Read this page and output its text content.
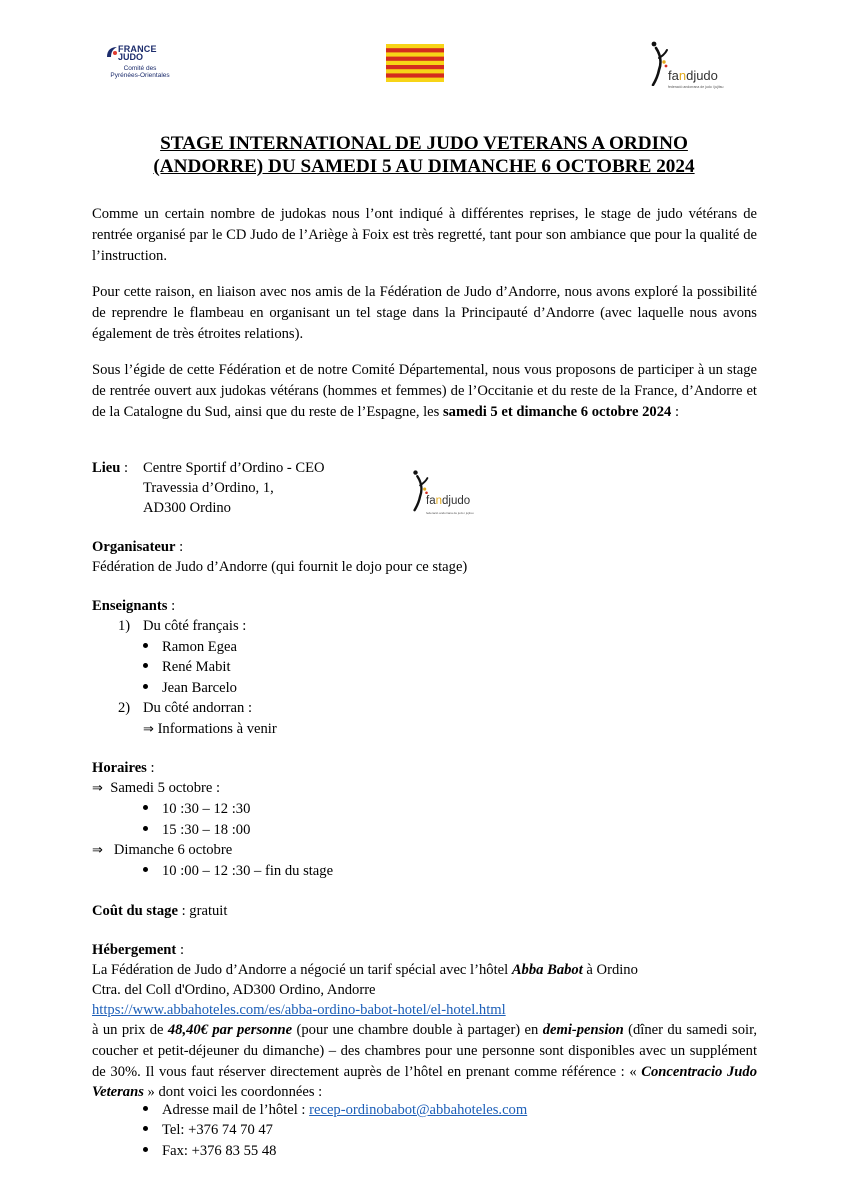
FRANCE
JUDO
Comité des
Pyrénées-Orientales	fandjudo
federació andorrana de judo i jujitsu
STAGE INTERNATIONAL DE JUDO VETERANS A ORDINO
(ANDORRE) DU SAMEDI 5 AU DIMANCHE 6 OCTOBRE 2024

Comme un certain nombre de judokas nous l’ont indiqué à différentes reprises, le stage de judo vétérans de rentrée organisé par le CD Judo de l’Ariège à Foix est très regretté, tant pour son ambiance que pour la qualité de l’instruction.

Pour cette raison, en liaison avec nos amis de la Fédération de Judo d’Andorre, nous avons exploré la possibilité de reprendre le flambeau en organisant un tel stage dans la Principauté d’Andorre (avec laquelle nous avons également de très étroites relations).

Sous l’égide de cette Fédération et de notre Comité Départemental, nous vous proposons de participer à un stage de rentrée ouvert aux judokas vétérans (hommes et femmes) de l’Occitanie et du reste de la France, d’Andorre et de la Catalogne du Sud, ainsi que du reste de l’Espagne, les samedi 5 et dimanche 6 octobre 2024 :

Lieu : Centre Sportif d’Ordino - CEO
Travessia d’Ordino, 1,
AD300 Ordino	fandjudo
federació andorrana de judo i jujitsu
Organisateur :
Fédération de Judo d’Andorre (qui fournit le dojo pour ce stage)
Enseignants :
1) Du côté français :
Ramon Egea
René Mabit
Jean Barcelo
2) Du côté andorran :
⇒ Informations à venir
Horaires :
⇒ Samedi 5 octobre :
10 :30 – 12 :30
15 :30 – 18 :00
⇒ Dimanche 6 octobre
10 :00 – 12 :30 – fin du stage
Coût du stage : gratuit
Hébergement :
La Fédération de Judo d’Andorre a négocié un tarif spécial avec l’hôtel Abba Babot à Ordino
Ctra. del Coll d'Ordino, AD300 Ordino, Andorre
https://www.abbahoteles.com/es/abba-ordino-babot-hotel/el-hotel.html

à un prix de 48,40€ par personne (pour une chambre double à partager) en demi-pension (dîner du samedi soir, coucher et petit-déjeuner du dimanche) – des chambres pour une personne sont disponibles avec un supplément de 30%. Il vous faut réserver directement auprès de l’hôtel en prenant comme référence : « Concentracio Judo Veterans » dont voici les coordonnées :

Adresse mail de l’hôtel : recep-ordinobabot@abbahoteles.com
Tel: +376 74 70 47
Fax: +376 83 55 48
